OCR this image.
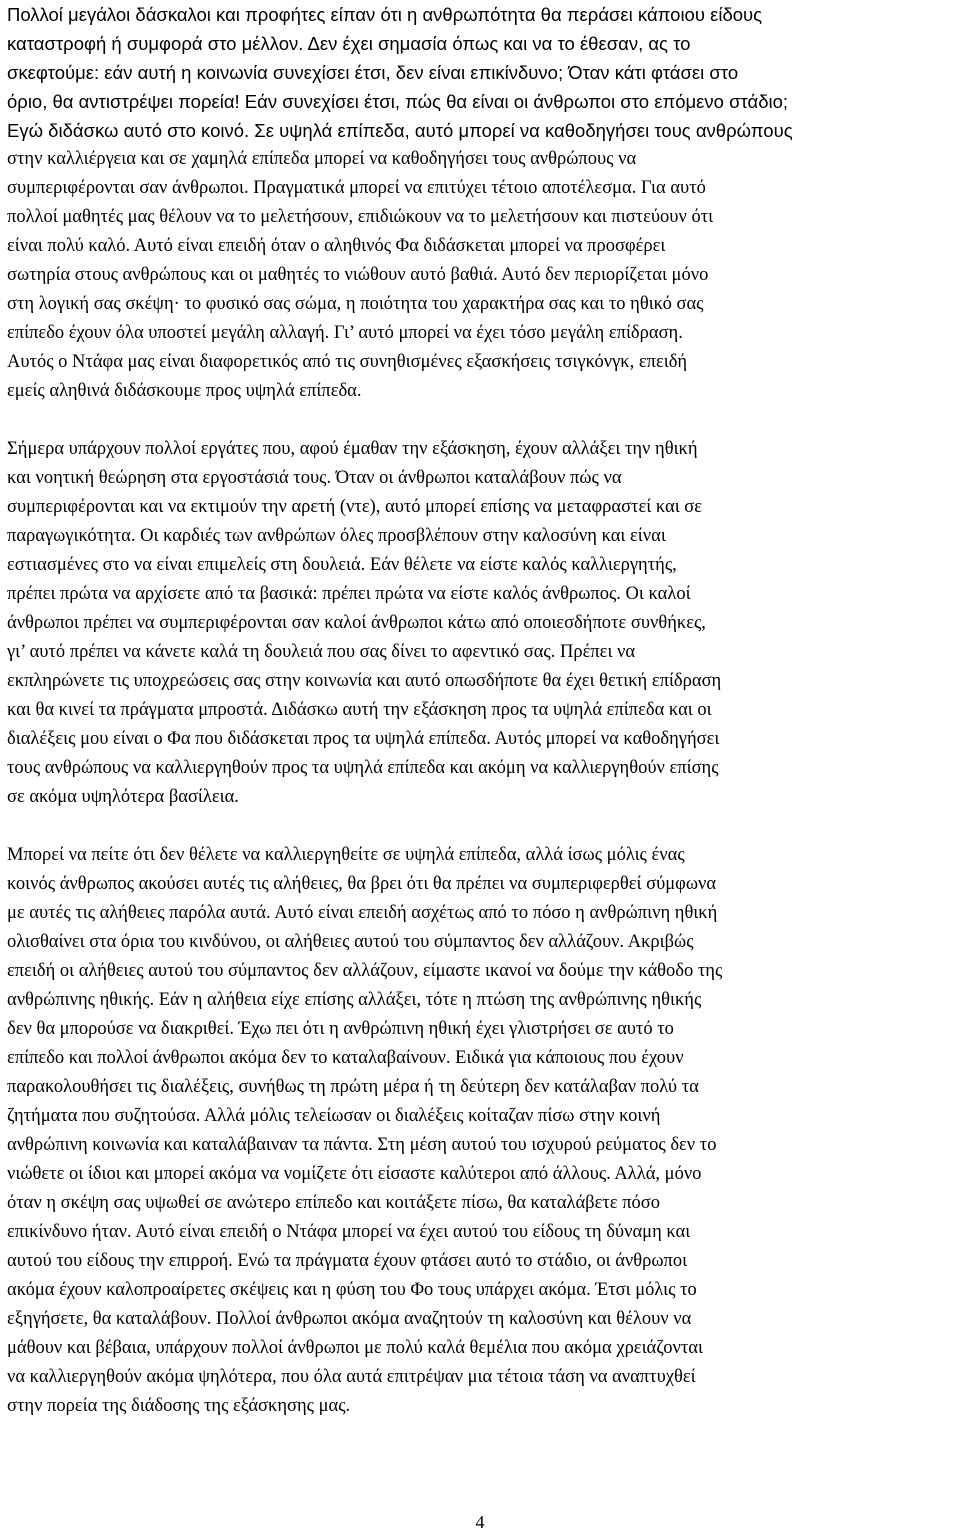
Πολλοί μεγάλοι δάσκαλοι και προφήτες είπαν ότι η ανθρωπότητα θα περάσει κάποιου είδους
καταστροφή ή συμφορά στο μέλλον. Δεν έχει σημασία όπως και να το έθεσαν, ας το
σκεφτούμε: εάν αυτή η κοινωνία συνεχίσει έτσι, δεν είναι επικίνδυνο; Όταν κάτι φτάσει στο
όριο, θα αντιστρέψει πορεία! Εάν συνεχίσει έτσι, πώς θα είναι οι άνθρωποι στο επόμενο στάδιο;
Εγώ διδάσκω αυτό στο κοινό. Σε υψηλά επίπεδα, αυτό μπορεί να καθοδηγήσει τους ανθρώπους
στην καλλιέργεια και σε χαμηλά επίπεδα μπορεί να καθοδηγήσει τους ανθρώπους να
συμπεριφέρονται σαν άνθρωποι. Πραγματικά μπορεί να επιτύχει τέτοιο αποτέλεσμα. Για αυτό
πολλοί μαθητές μας θέλουν να το μελετήσουν, επιδιώκουν να το μελετήσουν και πιστεύουν ότι
είναι πολύ καλό. Αυτό είναι επειδή όταν ο αληθινός Φα διδάσκεται μπορεί να προσφέρει
σωτηρία στους ανθρώπους και οι μαθητές το νιώθουν αυτό βαθιά. Αυτό δεν περιορίζεται μόνο
στη λογική σας σκέψη· το φυσικό σας σώμα, η ποιότητα του χαρακτήρα σας και το ηθικό σας
επίπεδο έχουν όλα υποστεί μεγάλη αλλαγή. Γι’ αυτό μπορεί να έχει τόσο μεγάλη επίδραση.
Αυτός ο Ντάφα μας είναι διαφορετικός από τις συνηθισμένες εξασκήσεις τσιγκόνγκ, επειδή
εμείς αληθινά διδάσκουμε προς υψηλά επίπεδα.
Σήμερα υπάρχουν πολλοί εργάτες που, αφού έμαθαν την εξάσκηση, έχουν αλλάξει την ηθική
και νοητική θεώρηση στα εργοστάσιά τους. Όταν οι άνθρωποι καταλάβουν πώς να
συμπεριφέρονται και να εκτιμούν την αρετή (ντε), αυτό μπορεί επίσης να μεταφραστεί και σε
παραγωγικότητα. Οι καρδιές των ανθρώπων όλες προσβλέπουν στην καλοσύνη και είναι
εστιασμένες στο να είναι επιμελείς στη δουλειά. Εάν θέλετε να είστε καλός καλλιεργητής,
πρέπει πρώτα να αρχίσετε από τα βασικά: πρέπει πρώτα να είστε καλός άνθρωπος. Οι καλοί
άνθρωποι πρέπει να συμπεριφέρονται σαν καλοί άνθρωποι κάτω από οποιεσδήποτε συνθήκες,
γι’ αυτό πρέπει να κάνετε καλά τη δουλειά που σας δίνει το αφεντικό σας. Πρέπει να
εκπληρώνετε τις υποχρεώσεις σας στην κοινωνία και αυτό οπωσδήποτε θα έχει θετική επίδραση
και θα κινεί τα πράγματα μπροστά. Διδάσκω αυτή την εξάσκηση προς τα υψηλά επίπεδα και οι
διαλέξεις μου είναι ο Φα που διδάσκεται προς τα υψηλά επίπεδα. Αυτός μπορεί να καθοδηγήσει
τους ανθρώπους να καλλιεργηθούν προς τα υψηλά επίπεδα και ακόμη να καλλιεργηθούν επίσης
σε ακόμα υψηλότερα βασίλεια.
Μπορεί να πείτε ότι δεν θέλετε να καλλιεργηθείτε σε υψηλά επίπεδα, αλλά ίσως μόλις ένας
κοινός άνθρωπος ακούσει αυτές τις αλήθειες, θα βρει ότι θα πρέπει να συμπεριφερθεί σύμφωνα
με αυτές τις αλήθειες παρόλα αυτά. Αυτό είναι επειδή ασχέτως από το πόσο η ανθρώπινη ηθική
ολισθαίνει στα όρια του κινδύνου, οι αλήθειες αυτού του σύμπαντος δεν αλλάζουν. Ακριβώς
επειδή οι αλήθειες αυτού του σύμπαντος δεν αλλάζουν, είμαστε ικανοί να δούμε την κάθοδο της
ανθρώπινης ηθικής. Εάν η αλήθεια είχε επίσης αλλάξει, τότε η πτώση της ανθρώπινης ηθικής
δεν θα μπορούσε να διακριθεί. Έχω πει ότι η ανθρώπινη ηθική έχει γλιστρήσει σε αυτό το
επίπεδο και πολλοί άνθρωποι ακόμα δεν το καταλαβαίνουν. Ειδικά για κάποιους που έχουν
παρακολουθήσει τις διαλέξεις, συνήθως τη πρώτη μέρα ή τη δεύτερη δεν κατάλαβαν πολύ τα
ζητήματα που συζητούσα. Αλλά μόλις τελείωσαν οι διαλέξεις κοίταζαν πίσω στην κοινή
ανθρώπινη κοινωνία και καταλάβαιναν τα πάντα. Στη μέση αυτού του ισχυρού ρεύματος δεν το
νιώθετε οι ίδιοι και μπορεί ακόμα να νομίζετε ότι είσαστε καλύτεροι από άλλους. Αλλά, μόνο
όταν η σκέψη σας υψωθεί σε ανώτερο επίπεδο και κοιτάξετε πίσω, θα καταλάβετε πόσο
επικίνδυνο ήταν. Αυτό είναι επειδή ο Ντάφα μπορεί να έχει αυτού του είδους τη δύναμη και
αυτού του είδους την επιρροή. Ενώ τα πράγματα έχουν φτάσει αυτό το στάδιο, οι άνθρωποι
ακόμα έχουν καλοπροαίρετες σκέψεις και η φύση του Φο τους υπάρχει ακόμα. Έτσι μόλις το
εξηγήσετε, θα καταλάβουν. Πολλοί άνθρωποι ακόμα αναζητούν τη καλοσύνη και θέλουν να
μάθουν και βέβαια, υπάρχουν πολλοί άνθρωποι με πολύ καλά θεμέλια που ακόμα χρειάζονται
να καλλιεργηθούν ακόμα ψηλότερα, που όλα αυτά επιτρέψαν μια τέτοια τάση να αναπτυχθεί
στην πορεία της διάδοσης της εξάσκησης μας.
4
